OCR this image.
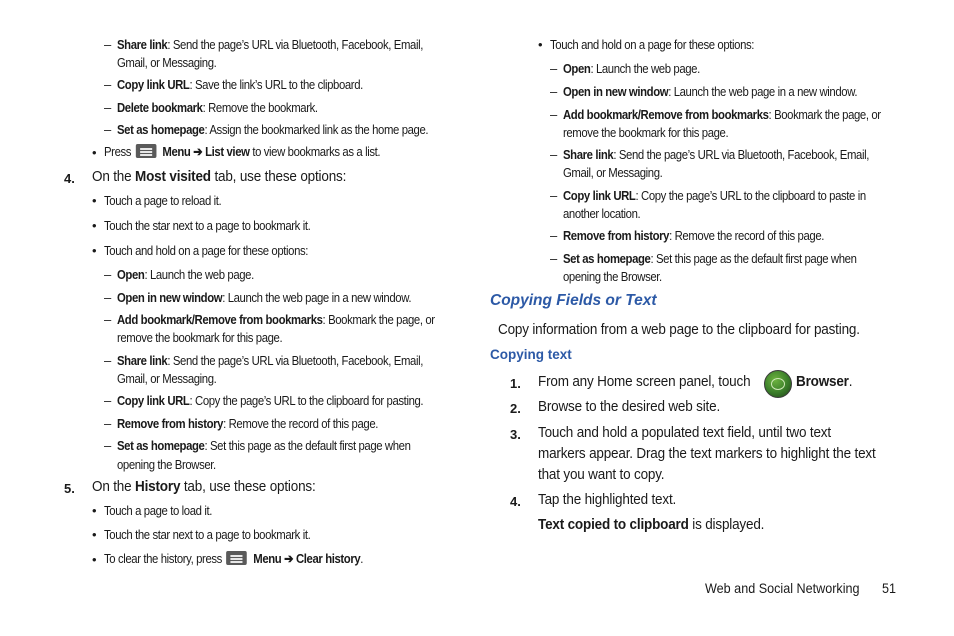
– Share link: Send the page’s URL via Bluetooth, Facebook, Email,
Gmail, or Messaging.
– Copy link URL: Save the link’s URL to the clipboard.
– Delete bookmark: Remove the bookmark.
– Set as homepage: Assign the bookmarked link as the home page.
• Press Menu ➔ List view to view bookmarks as a list.
4. On the Most visited tab, use these options:
• Touch a page to reload it.
• Touch the star next to a page to bookmark it.
• Touch and hold on a page for these options:
– Open: Launch the web page.
– Open in new window: Launch the web page in a new window.
– Add bookmark/Remove from bookmarks: Bookmark the page, or
remove the bookmark for this page.
– Share link: Send the page’s URL via Bluetooth, Facebook, Email,
Gmail, or Messaging.
– Copy link URL: Copy the page’s URL to the clipboard for pasting.
– Remove from history: Remove the record of this page.
– Set as homepage: Set this page as the default first page when
opening the Browser.
5. On the History tab, use these options:
• Touch a page to load it.
• Touch the star next to a page to bookmark it.
• To clear the history, press Menu ➔ Clear history.
• Touch and hold on a page for these options:
– Open: Launch the web page.
– Open in new window: Launch the web page in a new window.
– Add bookmark/Remove from bookmarks: Bookmark the page, or
remove the bookmark for this page.
– Share link: Send the page’s URL via Bluetooth, Facebook, Email,
Gmail, or Messaging.
– Copy link URL: Copy the page’s URL to the clipboard to paste in
another location.
– Remove from history: Remove the record of this page.
– Set as homepage: Set this page as the default first page when
opening the Browser.
Copying Fields or Text
Copy information from a web page to the clipboard for pasting.
Copying text
1. From any Home screen panel, touch	Browser.
2. Browse to the desired web site.
3. Touch and hold a populated text field, until two text
markers appear. Drag the text markers to highlight the text
that you want to copy.
4. Tap the highlighted text.
Text copied to clipboard is displayed.
Web and Social Networking 51
